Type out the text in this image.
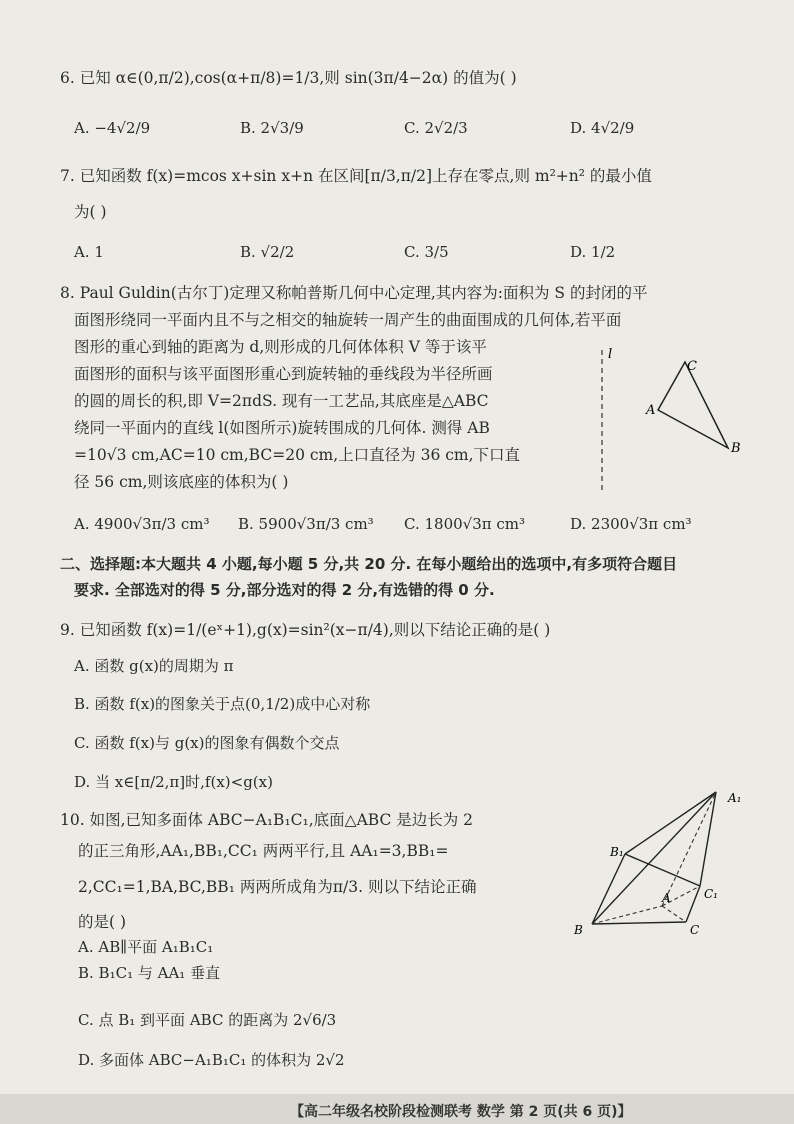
6. 已知 α∈(0,π/2),cos(α+π/8)=1/3,则 sin(3π/4−2α) 的值为( )
A. −4√2/9	B. 2√3/9	C. 2√2/3	D. 4√2/9
7. 已知函数 f(x)=mcos x+sin x+n 在区间[π/3,π/2]上存在零点,则 m²+n² 的最小值
为( )
A. 1	B. √2/2	C. 3/5	D. 1/2
8. Paul Guldin(古尔丁)定理又称帕普斯几何中心定理,其内容为:面积为 S 的封闭的平
面图形绕同一平面内且不与之相交的轴旋转一周产生的曲面围成的几何体,若平面
图形的重心到轴的距离为 d,则形成的几何体体积 V 等于该平
面图形的面积与该平面图形重心到旋转轴的垂线段为半径所画
的圆的周长的积,即 V=2πdS. 现有一工艺品,其底座是△ABC
绕同一平面内的直线 l(如图所示)旋转围成的几何体. 测得 AB
=10√3 cm,AC=10 cm,BC=20 cm,上口直径为 36 cm,下口直
径 56 cm,则该底座的体积为( )
A. 4900√3π/3 cm³ B. 5900√3π/3 cm³ C. 1800√3π cm³	D. 2300√3π cm³
l
C
A
B
二、选择题:本大题共 4 小题,每小题 5 分,共 20 分. 在每小题给出的选项中,有多项符合题目
要求. 全部选对的得 5 分,部分选对的得 2 分,有选错的得 0 分.
9. 已知函数 f(x)=1/(eˣ+1),g(x)=sin²(x−π/4),则以下结论正确的是( )
A. 函数 g(x)的周期为 π
B. 函数 f(x)的图象关于点(0,1/2)成中心对称
C. 函数 f(x)与 g(x)的图象有偶数个交点
D. 当 x∈[π/2,π]时,f(x)<g(x)
10. 如图,已知多面体 ABC−A₁B₁C₁,底面△ABC 是边长为 2
的正三角形,AA₁,BB₁,CC₁ 两两平行,且 AA₁=3,BB₁=
2,CC₁=1,BA,BC,BB₁ 两两所成角为π/3. 则以下结论正确
的是( )
A. AB∥平面 A₁B₁C₁
B. B₁C₁ 与 AA₁ 垂直
C. 点 B₁ 到平面 ABC 的距离为 2√6/3
D. 多面体 ABC−A₁B₁C₁ 的体积为 2√2
A₁
B₁
C₁
A
B	C
【高二年级名校阶段检测联考 数学 第 2 页(共 6 页)】
